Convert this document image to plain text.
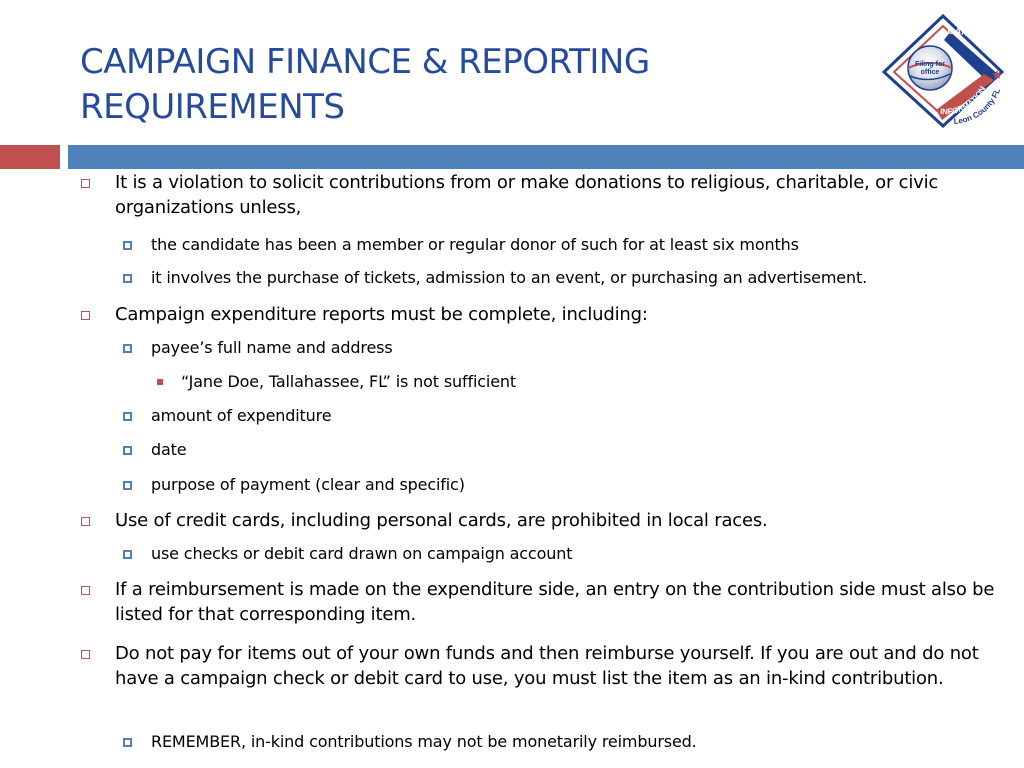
CAMPAIGN FINANCE & REPORTING REQUIREMENTS
Filing for
office
CANDIDATE
INFORMATION
Leon County FL
It is a violation to solicit contributions from or make donations to religious, charitable, or civic organizations unless,
the candidate has been a member or regular donor of such for at least six months
it involves the purchase of tickets, admission to an event, or purchasing an advertisement.
Campaign expenditure reports must be complete, including:
payee’s full name and address
“Jane Doe, Tallahassee, FL” is not sufficient
amount of expenditure
date
purpose of payment (clear and specific)
Use of credit cards, including personal cards, are prohibited in local races.
use checks or debit card drawn on campaign account
If a reimbursement is made on the expenditure side, an entry on the contribution side must also be listed for that corresponding item.
Do not pay for items out of your own funds and then reimburse yourself. If you are out and do not have a campaign check or debit card to use, you must list the item as an in-kind contribution.
REMEMBER, in-kind contributions may not be monetarily reimbursed.
